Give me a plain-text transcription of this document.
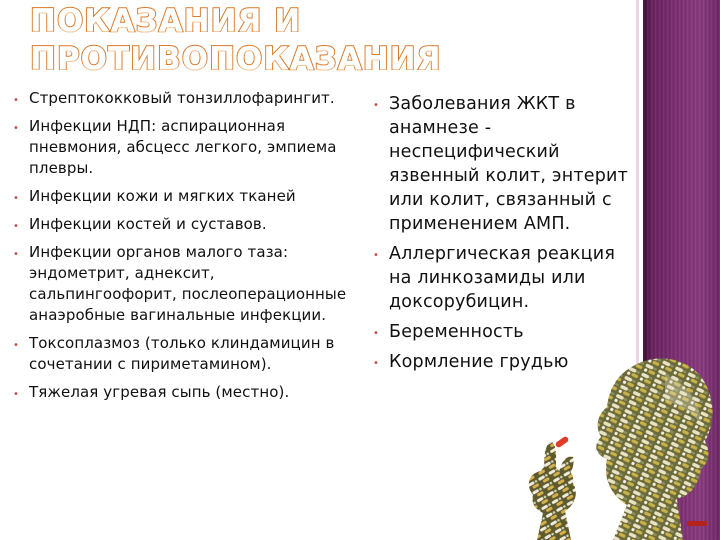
ПОКАЗАНИЯ И
ПРОТИВОПОКАЗАНИЯ
• Стрептококковый тонзиллофарингит.
• Инфекции НДП: аспирационная пневмония, абсцесс легкого, эмпиема плевры.
• Инфекции кожи и мягких тканей
• Инфекции костей и суставов.
• Инфекции органов малого таза: эндометрит, аднексит, сальпингоофорит, послеоперационные анаэробные вагинальные инфекции.
• Токсоплазмоз (только клиндамицин в сочетании с пириметамином).
• Тяжелая угревая сыпь (местно).
• Заболевания ЖКТ в анамнезе - неспецифический язвенный колит, энтерит или колит, связанный с применением АМП.
• Аллергическая реакция на линкозамиды или доксорубицин.
• Беременность
• Кормление грудью
